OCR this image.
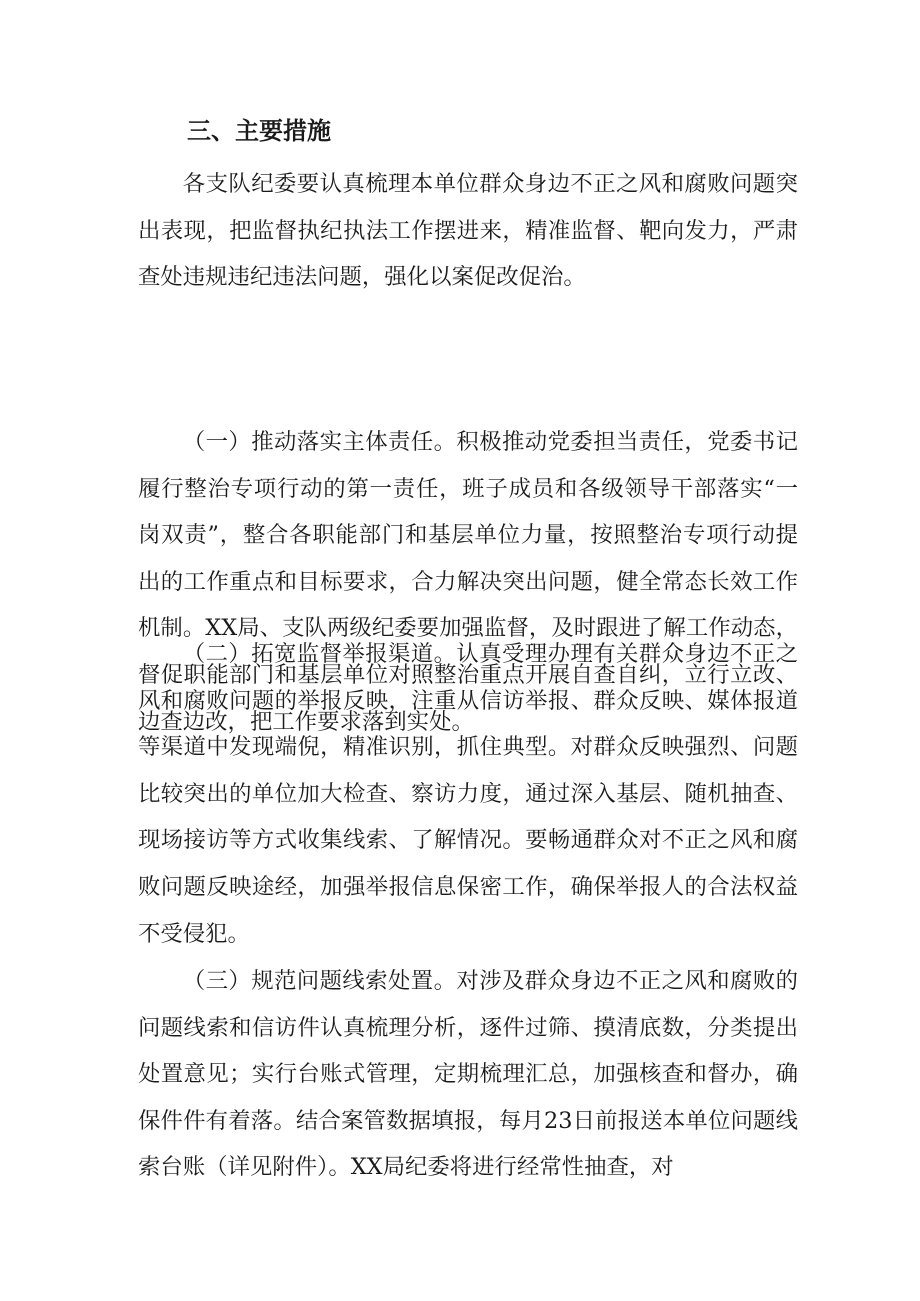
三、主要措施

各支队纪委要认真梳理本单位群众身边不正之风和腐败问题突出表现，把监督执纪执法工作摆进来，精准监督、靶向发力，严肃查处违规违纪违法问题，强化以案促改促治。

（一）推动落实主体责任。积极推动党委担当责任，党委书记履行整治专项行动的第一责任，班子成员和各级领导干部落实“一岗双责”，整合各职能部门和基层单位力量，按照整治专项行动提出的工作重点和目标要求，合力解决突出问题，健全常态长效工作机制。XX局、支队两级纪委要加强监督，及时跟进了解工作动态，督促职能部门和基层单位对照整治重点开展自查自纠，立行立改、边查边改，把工作要求落到实处。

（二）拓宽监督举报渠道。认真受理办理有关群众身边不正之风和腐败问题的举报反映，注重从信访举报、群众反映、媒体报道等渠道中发现端倪，精准识别，抓住典型。对群众反映强烈、问题比较突出的单位加大检查、察访力度，通过深入基层、随机抽查、现场接访等方式收集线索、了解情况。要畅通群众对不正之风和腐败问题反映途经，加强举报信息保密工作，确保举报人的合法权益不受侵犯。

（三）规范问题线索处置。对涉及群众身边不正之风和腐败的问题线索和信访件认真梳理分析，逐件过筛、摸清底数，分类提出处置意见；实行台账式管理，定期梳理汇总，加强核查和督办，确保件件有着落。结合案管数据填报，每月23日前报送本单位问题线索台账（详见附件）。XX局纪委将进行经常性抽查，对
